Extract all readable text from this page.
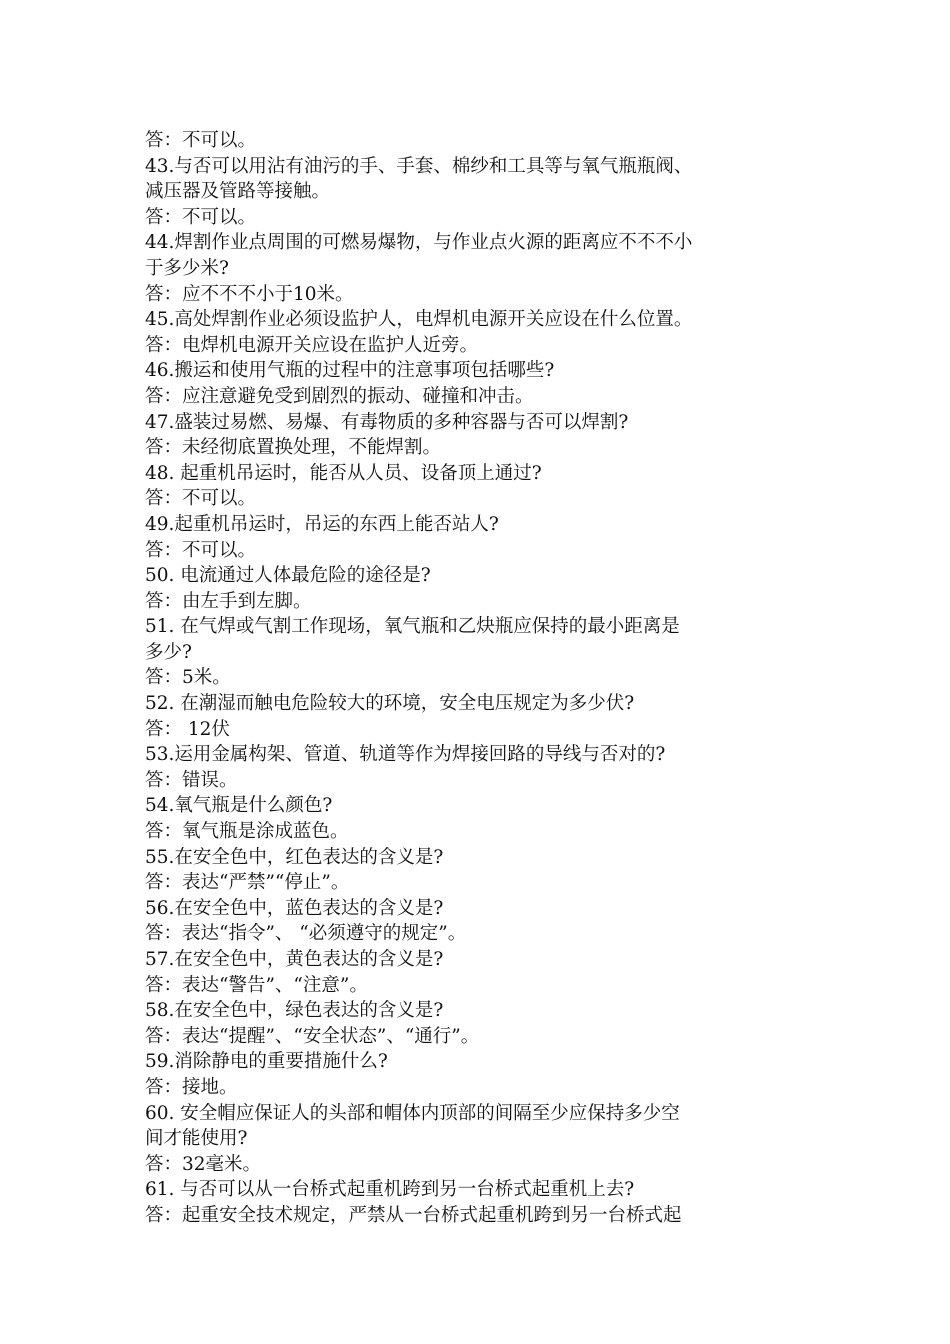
答：不可以。
43.与否可以用沾有油污的手、手套、棉纱和工具等与氧气瓶瓶阀、
减压器及管路等接触。
答：不可以。
44.焊割作业点周围的可燃易爆物，与作业点火源的距离应不不不小
于多少米?
答：应不不不小于10米。
45.高处焊割作业必须设监护人，电焊机电源开关应设在什么位置。
答：电焊机电源开关应设在监护人近旁。
46.搬运和使用气瓶的过程中的注意事项包括哪些?
答：应注意避免受到剧烈的振动、碰撞和冲击。
47.盛装过易燃、易爆、有毒物质的多种容器与否可以焊割?
答：未经彻底置换处理，不能焊割。
48. 起重机吊运时，能否从人员、设备顶上通过?
答：不可以。
49.起重机吊运时，吊运的东西上能否站人?
答：不可以。
50. 电流通过人体最危险的途径是?
答：由左手到左脚。
51. 在气焊或气割工作现场，氧气瓶和乙炔瓶应保持的最小距离是
多少?
答：5米。
52. 在潮湿而触电危险较大的环境，安全电压规定为多少伏?
答： 12伏
53.运用金属构架、管道、轨道等作为焊接回路的导线与否对的?
答：错误。
54.氧气瓶是什么颜色?
答：氧气瓶是涂成蓝色。
55.在安全色中，红色表达的含义是?
答：表达“严禁”“停止”。
56.在安全色中，蓝色表达的含义是?
答：表达“指令”、 “必须遵守的规定”。
57.在安全色中，黄色表达的含义是?
答：表达“警告”、“注意”。
58.在安全色中，绿色表达的含义是?
答：表达“提醒”、“安全状态”、“通行”。
59.消除静电的重要措施什么?
答：接地。
60. 安全帽应保证人的头部和帽体内顶部的间隔至少应保持多少空
间才能使用?
答：32毫米。
61. 与否可以从一台桥式起重机跨到另一台桥式起重机上去?
答：起重安全技术规定，严禁从一台桥式起重机跨到另一台桥式起
